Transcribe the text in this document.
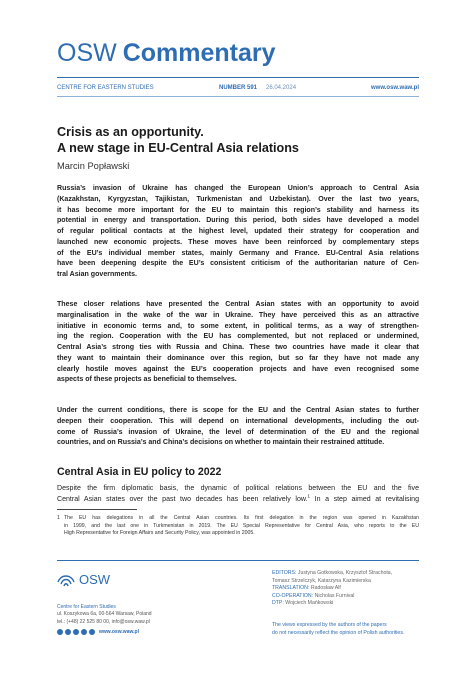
OSW Commentary
CENTRE FOR EASTERN STUDIES	NUMBER 591 26.04.2024	www.osw.waw.pl
Crisis as an opportunity.
A new stage in EU-Central Asia relations
Marcin Popławski
Russia’s invasion of Ukraine has changed the European Union’s approach to Central Asia
(Kazakhstan, Kyrgyzstan, Tajikistan, Turkmenistan and Uzbekistan). Over the last two years,
it has become more important for the EU to maintain this region’s stability and harness its
potential in energy and transportation. During this period, both sides have developed a model
of regular political contacts at the highest level, updated their strategy for cooperation and
launched new economic projects. These moves have been reinforced by complementary steps
of the EU’s individual member states, mainly Germany and France. EU-Central Asia relations
have been deepening despite the EU’s consistent criticism of the authoritarian nature of Cen-
tral Asian governments.
These closer relations have presented the Central Asian states with an opportunity to avoid
marginalisation in the wake of the war in Ukraine. They have perceived this as an attractive
initiative in economic terms and, to some extent, in political terms, as a way of strengthen-
ing the region. Cooperation with the EU has complemented, but not replaced or undermined,
Central Asia’s strong ties with Russia and China. These two countries have made it clear that
they want to maintain their dominance over this region, but so far they have not made any
clearly hostile moves against the EU’s cooperation projects and have even recognised some
aspects of these projects as beneficial to themselves.
Under the current conditions, there is scope for the EU and the Central Asian states to further
deepen their cooperation. This will depend on international developments, including the out-
come of Russia’s invasion of Ukraine, the level of determination of the EU and the regional
countries, and on Russia’s and China’s decisions on whether to maintain their restrained attitude.
Central Asia in EU policy to 2022
Despite the firm diplomatic basis, the dynamic of political relations between the EU and the five
Central Asian states over the past two decades has been relatively low.$^1$ In a step aimed at revitalising
1 The EU has delegations in all the Central Asian countries. Its first delegation in the region was opened in Kazakhstan
in 1999, and the last one in Turkmenistan in 2019. The EU Special Representative for Central Asia, who reports to the EU
High Representative for Foreign Affairs and Security Policy, was appointed in 2005.
OSW
Centre for Eastern Studies
ul. Koszykowa 6a, 00-564 Warsaw, Poland
tel.: (+48) 22 525 80 00, info@osw.waw.pl
www.osw.waw.pl
EDITORS: Justyna Gotkowska, Krzysztof Strachota,
Tomasz Strzelczyk, Katarzyna Kazimierska
TRANSLATION: Radosław Alf
CO-OPERATION: Nicholas Furnival
DTP: Wojciech Mańkowski
The views expressed by the authors of the papers
do not necessarily reflect the opinion of Polish authorities.
